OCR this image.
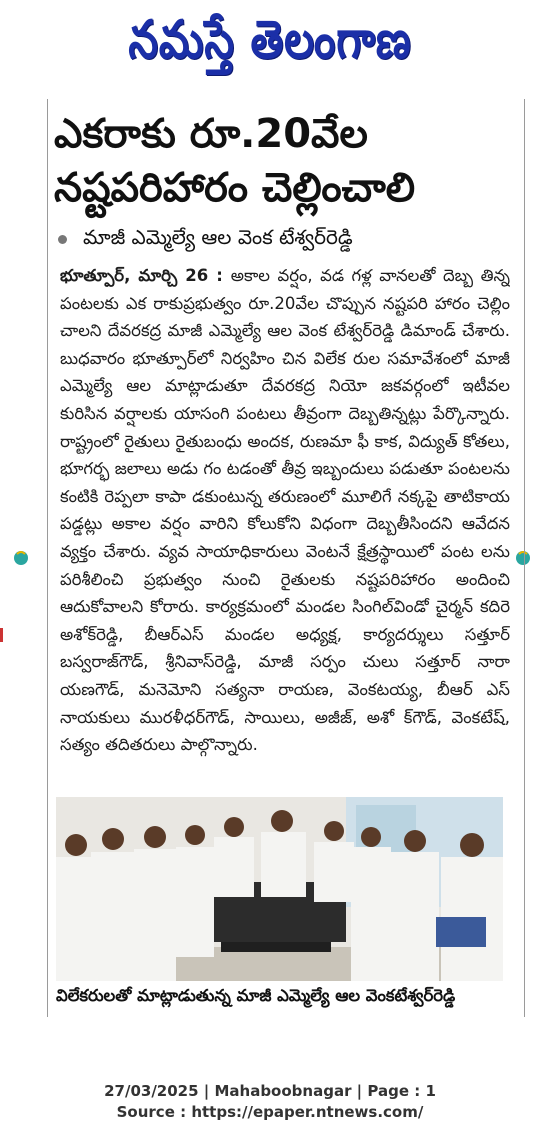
నమస్తే తెలంగాణ
ఎకరాకు రూ.20వేల
నష్టపరిహారం చెల్లించాలి
మాజీ ఎమ్మెల్యే ఆల వెంక టేశ్వర్‌రెడ్డి
భూత్పూర్, మార్చి 26 : అకాల వర్షం, వడ గళ్ల వానలతో దెబ్బ తిన్న పంటలకు ఎక రాకుప్రభుత్వం రూ.20వేల చొప్పున నష్టపరి హారం చెల్లిం చాలని దేవరకద్ర మాజీ ఎమ్మెల్యే ఆల వెంక టేశ్వర్‌రెడ్డి డిమాండ్ చేశారు. బుధవారం భూత్పూర్‌లో నిర్వహిం చిన విలేక రుల సమావేశంలో మాజీ ఎమ్మెల్యే ఆల మాట్లాడుతూ దేవరకద్ర నియో జకవర్గంలో ఇటీవల కురిసిన వర్షాలకు యాసంగి పంటలు తీవ్రంగా దెబ్బతిన్నట్లు పేర్కొన్నారు. రాష్ట్రంలో రైతులు రైతుబంధు అందక, రుణమా ఫీ కాక, విద్యుత్ కోతలు, భూగర్భ జలాలు అడు గం టడంతో తీవ్ర ఇబ్బందులు పడుతూ పంటలను కంటికి రెప్పలా కాపా డకుంటున్న తరుణంలో మూలిగే నక్కపై తాటికాయ పడ్డట్లు అకాల వర్షం వారిని కోలుకోని విధంగా దెబ్బతీసిందని ఆవేదన వ్యక్తం చేశారు. వ్యవ సాయాధికారులు వెంటనే క్షేత్రస్థాయిలో పంట లను పరిశీలించి ప్రభుత్వం నుంచి రైతులకు నష్టపరిహారం అందించి ఆదుకోవాలని కోరారు. కార్యక్రమంలో మండల సింగిల్‌విండో చైర్మన్ కదిరె అశోక్‌రెడ్డి, బీఆర్‌ఎస్ మండల అధ్యక్ష, కార్యదర్శులు సత్తూర్ బస్వరాజ్‌గౌడ్, శ్రీనివాస్‌రెడ్డి, మాజీ సర్పం చులు సత్తూర్ నారా యణగౌడ్, మనెమోని సత్యనా రాయణ, వెంకటయ్య, బీఆర్ ఎస్ నాయకులు మురళీధర్‌గౌడ్, సాయిలు, అజీజ్, అశో క్‌గౌడ్, వెంకటేష్, సత్యం తదితరులు పాల్గొన్నారు.
విలేకరులతో మాట్లాడుతున్న మాజీ ఎమ్మెల్యే ఆల వెంకటేశ్వర్‌రెడ్డి
27/03/2025 | Mahaboobnagar | Page : 1
Source : https://epaper.ntnews.com/
